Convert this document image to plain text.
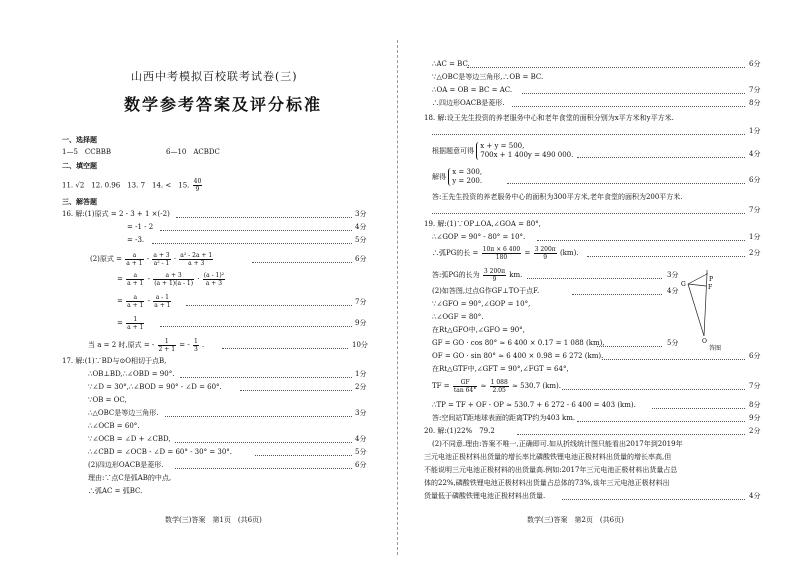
山西中考模拟百校联考试卷(三)
数学参考答案及评分标准
一、选择题
1—5　CCBBB	6—10　ACBDC
二、填空题
11. √2　12. 0.96　13. 7　14. <　15. $\frac{40}{9}$
三、解答题
16. 解:(1)原式 = 2 - 3 + 1 ×(-2)	3分
= -1 - 2	4分
= -3.	5分
(2)原式 = $\frac{a}{a + 1} - \frac{a + 3}{\text{a² - 1}} \cdot \frac{\text{a² - 2a + 1}}{a + 3}$	6分
= $\frac{a}{a + 1} - \frac{a + 3}{(a + 1)(a - 1)} \cdot \frac{\text{(a - 1)²}}{a + 3}$
= $\frac{a}{a + 1} - \frac{a - 1}{a + 1}$	7分
= $\frac{1}{a + 1}$	9分
当 a = 2 时,原式 = - $\frac{1}{2 + 1}$ = - $\frac{1}{3}$ .	10分
17. 解:(1)∵BD与⊙O相切于点B,
∴OB⊥BD,∴∠OBD = 90°.	1分
∵∠D = 30°,∴∠BOD = 90° - ∠D = 60°.	2分
∵OB = OC,
∴△OBC是等边三角形.	3分
∴∠OCB = 60°.
∵∠OCB = ∠D + ∠CBD,	4分
∴∠CBD = ∠OCB - ∠D = 60° - 30° = 30°.	5分
(2)四边形OACB是菱形.	6分
理由:∵点C是弧AB的中点,
∴弧AC = 弧BC.
数学(三)答案　第1页　(共6页)
∴AC = BC.	6分
∵△OBC是等边三角形,∴OB = BC.
∴OA = OB = BC = AC.	7分
∴四边形OACB是菱形.	8分
18. 解:设王先生投资的养老服务中心和老年食堂的面积分别为x平方米和y平方米.
1分
根据题意可得
x + y = 500,
700x + 1 400y = 490 000.	4分
解得
x = 300,
y = 200.	6分
答:王先生投资的养老服务中心的面积为300平方米,老年食堂的面积为200平方米.
7分
19. 解:(1)∵OP⊥OA,∠GOA = 80°,
∴∠GOP = 90° - 80° = 10°.	1分
∴弧PG的长 = $\frac{10\pi \times 6 400}{180} = \frac{3 200\pi}{9} (km)$.	2分
答:弧PG的长为 $\frac{3 200\pi}{9}$ km.	3分
(2)如答图,过点G作GF⊥TO于点F.	4分
∵∠GFO = 90°,∠GOP = 10°,
∴∠OGF = 80°.
在Rt△GFO中,∠GFO = 90°,
GF = GO · cos 80° ≈ 6 400 × 0.17 = 1 088 (km),	5分
OF = GO · sin 80° ≈ 6 400 × 0.98 = 6 272 (km).	6分
在Rt△GTF中,∠GFT = 90°,∠FGT = 64°,
TF = $\frac{GF}{\tan 64^\circ} \approx \frac{1 088}{2.05} \approx 530.7$ (km).	7分
∴TP = TF + OF - OP ≈ 530.7 + 6 272 - 6 400 = 403 (km).	8分
答:空间站T距地球表面的距离TP约为403 km.	9分
T
P
F
G
O
答图
20. 解:(1)22%　79.2	2分
(2)不同意.理由:答案不唯一,正确即可.如从折线统计图只能看出2017年到2019年
三元电池正极材料出货量的增长率比磷酸铁锂电池正极材料出货量的增长率高,但
不能说明三元电池正极材料的出货量高.例如:2017年三元电池正极材料出货量占总
体的22%,磷酸铁锂电池正极材料出货量占总体的73%,该年三元电池正极材料出
货量低于磷酸铁锂电池正极材料出货量.	4分
数学(三)答案　第2页　(共6页)
